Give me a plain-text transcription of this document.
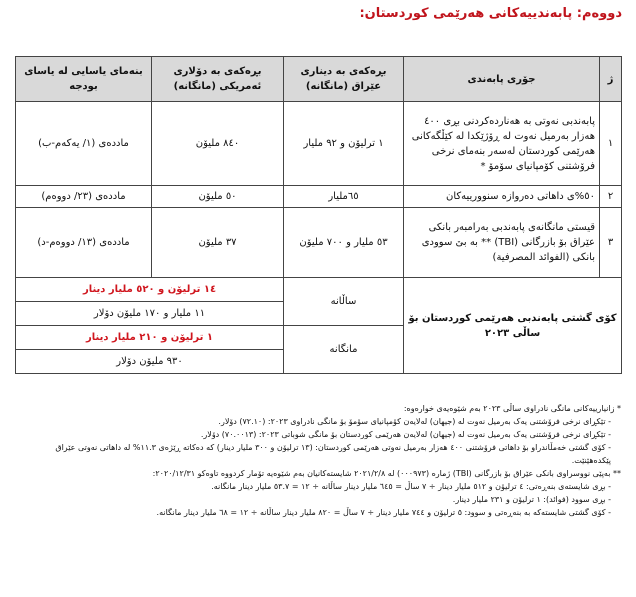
دووەم: پابەندییەکانی هەرێمی کوردستان:
ژ	جۆری پابەندی	بڕەکەی بە دیناری عێراق (مانگانە)	بڕەکەی بە دۆلاری ئەمریکی (مانگانە)	بنەمای یاسایی لە یاسای بودجە
١	پابەندبی نەوتی بە هەناردەکردنی بڕی ٤٠٠ هەزار بەرمیل نەوت لە ڕۆژێکدا لە کێڵگەکانی هەرێمی کوردستان لەسەر بنەمای نرخی فرۆشتنی کۆمپانیای سۆمۆ *	١ ترلیۆن و ٩٢ ملیار	٨٤٠ ملیۆن	ماددەی (١/ یەکەم-ب)
٢	٥٠%ی داهاتی دەروازە سنوورییەکان	٦٥ملیار	٥٠ ملیۆن	ماددەی (٢٣/ دووەم)
٣	قیستی مانگانەی پابەندبی بەرامبەر بانکی عێراق بۆ بازرگانی (TBI) ** بە بێ سوودی بانکی (الفوائد المصرفية)	٥٣ ملیار و ٧٠٠ ملیۆن	٣٧ ملیۆن	ماددەی (١٣/ دووەم-د)
کۆی گشتی پابەندبی هەرێمی کوردستان بۆ ساڵی ٢٠٢٣		ساڵانە	١٤ ترلیۆن و ٥٢٠ ملیار دینار	
			١١ ملیار و ١٧٠ ملیۆن دۆلار	
		مانگانە	١ ترلیۆن و ٢١٠ ملیار دینار	
			٩٣٠ ملیۆن دۆلار	

* زانیارییەکانی مانگی نادراوی ساڵی ٢٠٢٣ بەم شێوەیەی خوارەوە:

- تێکڕای نرخی فرۆشتنی یەک بەرمیل نەوت لە (جیهان) لەلایەن کۆمپانیای سۆمۆ بۆ مانگی نادراوی ٢٠٢٣: (٧٢.١٠) دۆلار.

- تێکڕای نرخی فرۆشتنی یەک بەرمیل نەوت لە (جیهان) لەلایەن هەرێمی کوردستان بۆ مانگی شوباتی ٢٠٢٣: (٧٠.٠٠١٣) دۆلار.

- کۆی گشتی خەمڵاندراو بۆ داهاتی فرۆشتنی ٤٠٠ هەزار بەرمیل نەوتی هەرێمی کوردستان: (١٣ ترلیۆن و ٣٠٠ ملیار دینار) کە دەکاتە ڕێژەی ١١.٣% لە داهاتی نەوتی عێراق پێکدەهێنێت.

** بەپێی نووسراوی بانکی عێراق بۆ بازرگانی (TBI) ژمارە (٠٠٠٩٧٣) لە ٢٠٢١/٢/٨ شایستەکانیان بەم شێوەیە تۆمار کردووە تاوەکو ٢٠٢٠/١٢/٣١:

- بڕی شایستەی بنەڕەتی: ٤ ترلیۆن و ٥١٢ ملیار دینار ÷ ٧ ساڵ = ٦٤٥ ملیار دینار ساڵانە ÷ ١٢ = ٥٣.٧ ملیار دینار مانگانە.

- بڕی سوود (فوائد): ١ ترلیۆن و ٢٣١ ملیار دینار.

- کۆی گشتی شایستەکە بە بنەڕەتی و سوود: ٥ ترلیۆن و ٧٤٤ ملیار دینار ÷ ٧ ساڵ = ٨٢٠ ملیار دینار ساڵانە ÷ ١٢ = ٦٨ ملیار دینار مانگانە.
